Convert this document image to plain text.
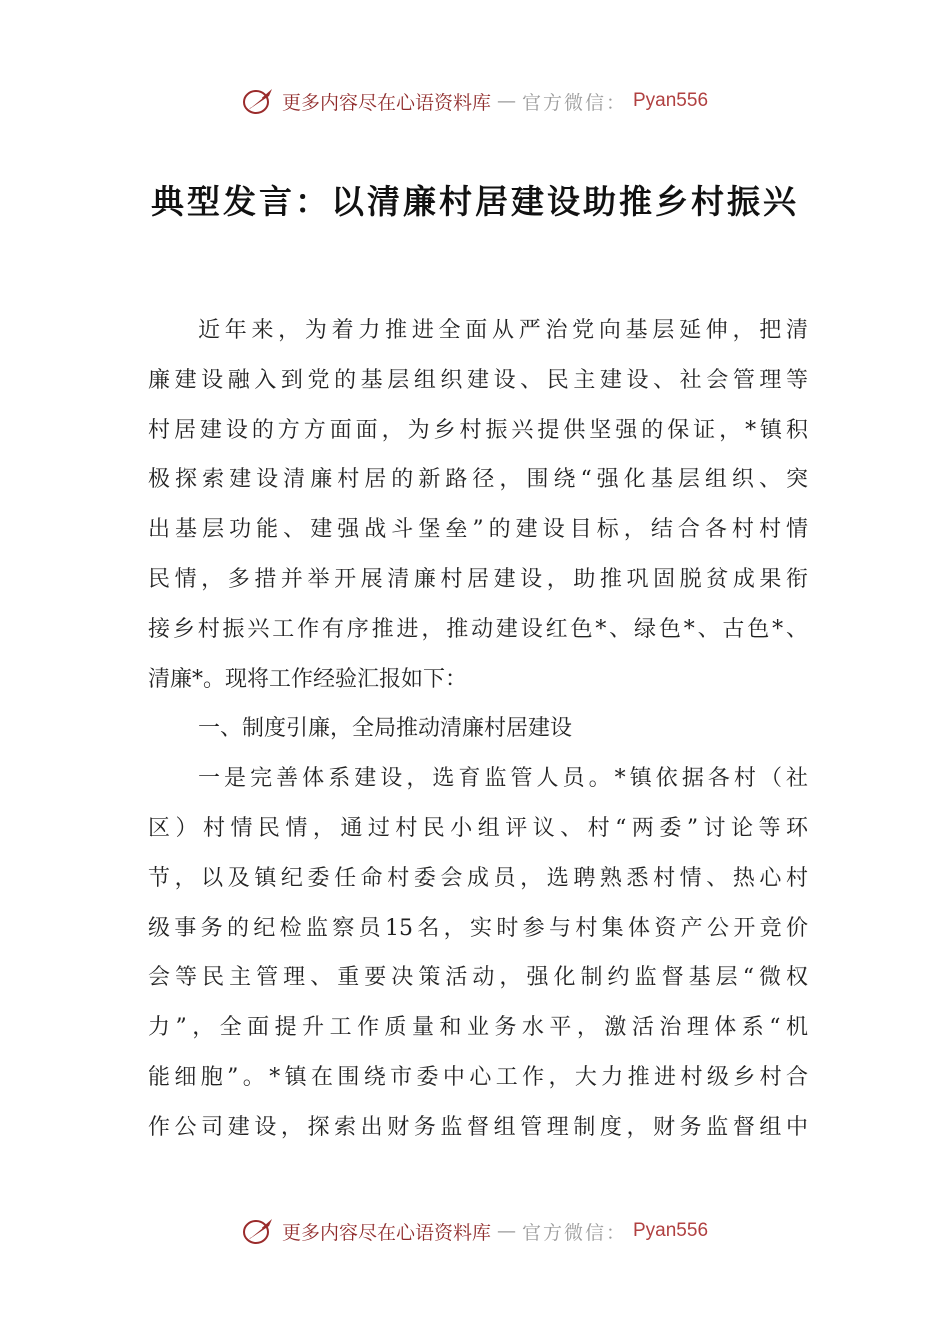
更多内容尽在心语资料库 — 官方微信： Pyan556
典型发言：以清廉村居建设助推乡村振兴
近年来，为着力推进全面从严治党向基层延伸，把清
廉建设融入到党的基层组织建设、民主建设、社会管理等
村居建设的方方面面，为乡村振兴提供坚强的保证，*镇积
极探索建设清廉村居的新路径，围绕“强化基层组织、突
出基层功能、建强战斗堡垒”的建设目标，结合各村村情
民情，多措并举开展清廉村居建设，助推巩固脱贫成果衔
接乡村振兴工作有序推进，推动建设红色*、绿色*、古色*、
清廉*。现将工作经验汇报如下：
一、制度引廉，全局推动清廉村居建设
一是完善体系建设，选育监管人员。*镇依据各村（社
区）村情民情，通过村民小组评议、村“两委”讨论等环
节，以及镇纪委任命村委会成员，选聘熟悉村情、热心村
级事务的纪检监察员15名，实时参与村集体资产公开竞价
会等民主管理、重要决策活动，强化制约监督基层“微权
力”，全面提升工作质量和业务水平，激活治理体系“机
能细胞”。*镇在围绕市委中心工作，大力推进村级乡村合
作公司建设，探索出财务监督组管理制度，财务监督组中
更多内容尽在心语资料库 — 官方微信： Pyan556
